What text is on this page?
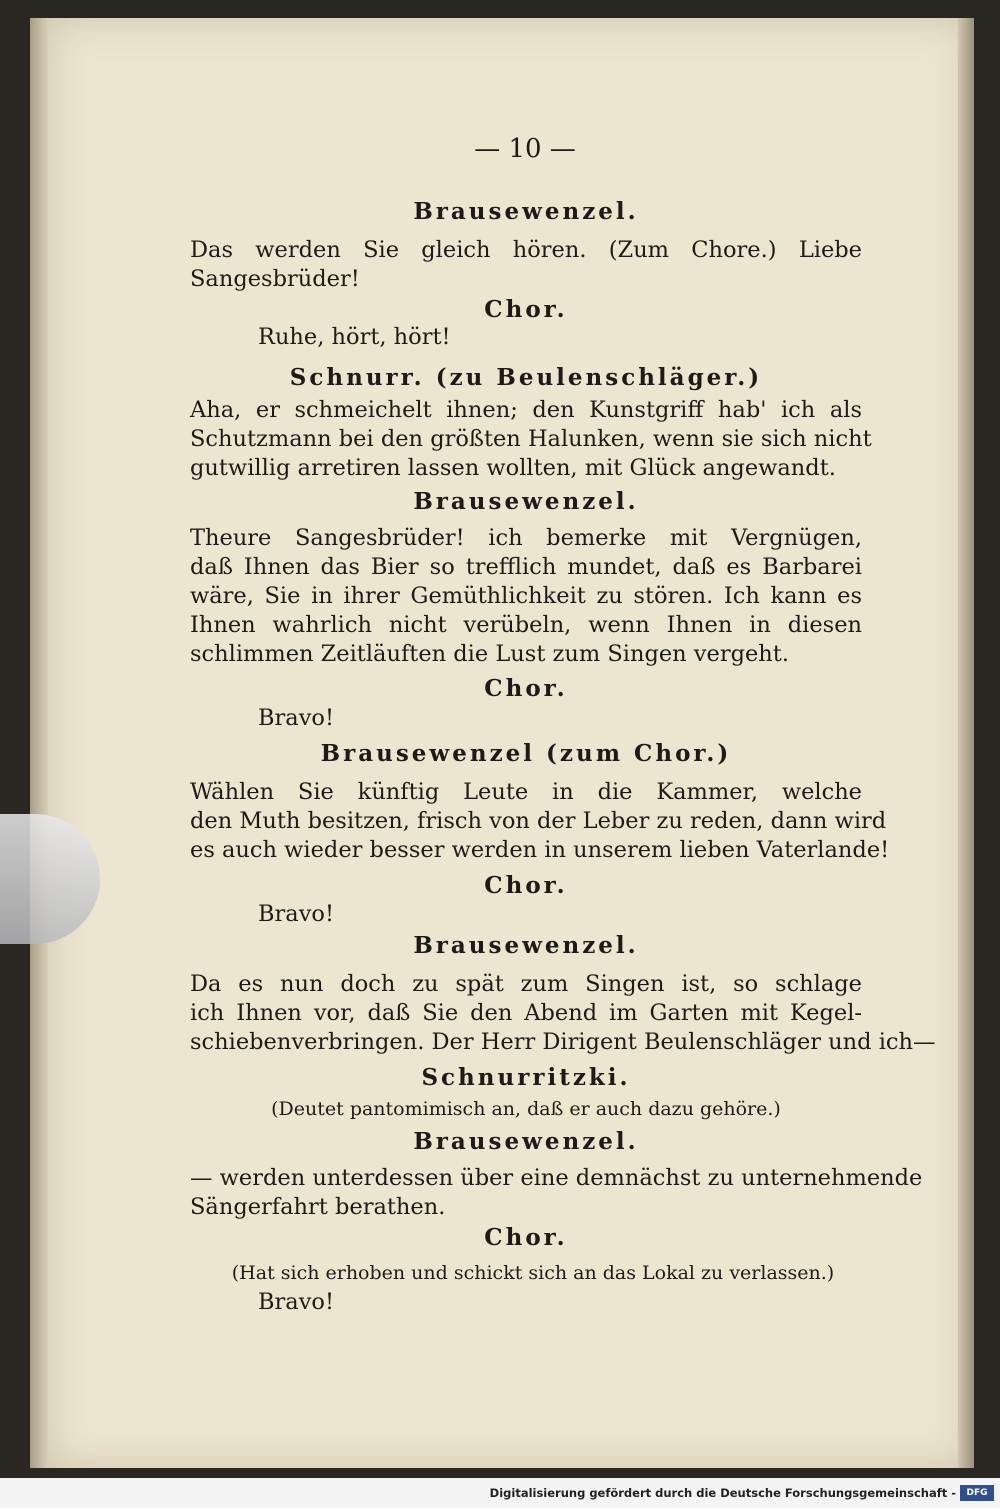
— 10 —
Brausewenzel.
Das werden Sie gleich hören. (Zum Chore.) Liebe
Sangesbrüder!
Chor.
Ruhe, hört, hört!
Schnurr. (zu Beulenschläger.)
Aha, er schmeichelt ihnen; den Kunstgriff hab' ich als
Schutzmann bei den größten Halunken, wenn sie sich nicht
gutwillig arretiren lassen wollten, mit Glück angewandt.
Brausewenzel.
Theure Sangesbrüder! ich bemerke mit Vergnügen,
daß Ihnen das Bier so trefflich mundet, daß es Barbarei
wäre, Sie in ihrer Gemüthlichkeit zu stören. Ich kann es
Ihnen wahrlich nicht verübeln, wenn Ihnen in diesen
schlimmen Zeitläuften die Lust zum Singen vergeht.
Chor.
Bravo!
Brausewenzel (zum Chor.)
Wählen Sie künftig Leute in die Kammer, welche
den Muth besitzen, frisch von der Leber zu reden, dann wird
es auch wieder besser werden in unserem lieben Vaterlande!
Chor.
Bravo!
Brausewenzel.
Da es nun doch zu spät zum Singen ist, so schlage
ich Ihnen vor, daß Sie den Abend im Garten mit Kegel-
schiebenverbringen. Der Herr Dirigent Beulenschläger und ich—
Schnurritzki.
(Deutet pantomimisch an, daß er auch dazu gehöre.)
Brausewenzel.
— werden unterdessen über eine demnächst zu unternehmende
Sängerfahrt berathen.
Chor.
(Hat sich erhoben und schickt sich an das Lokal zu verlassen.)
Bravo!
Digitalisierung gefördert durch die Deutsche Forschungsgemeinschaft -	DFG
